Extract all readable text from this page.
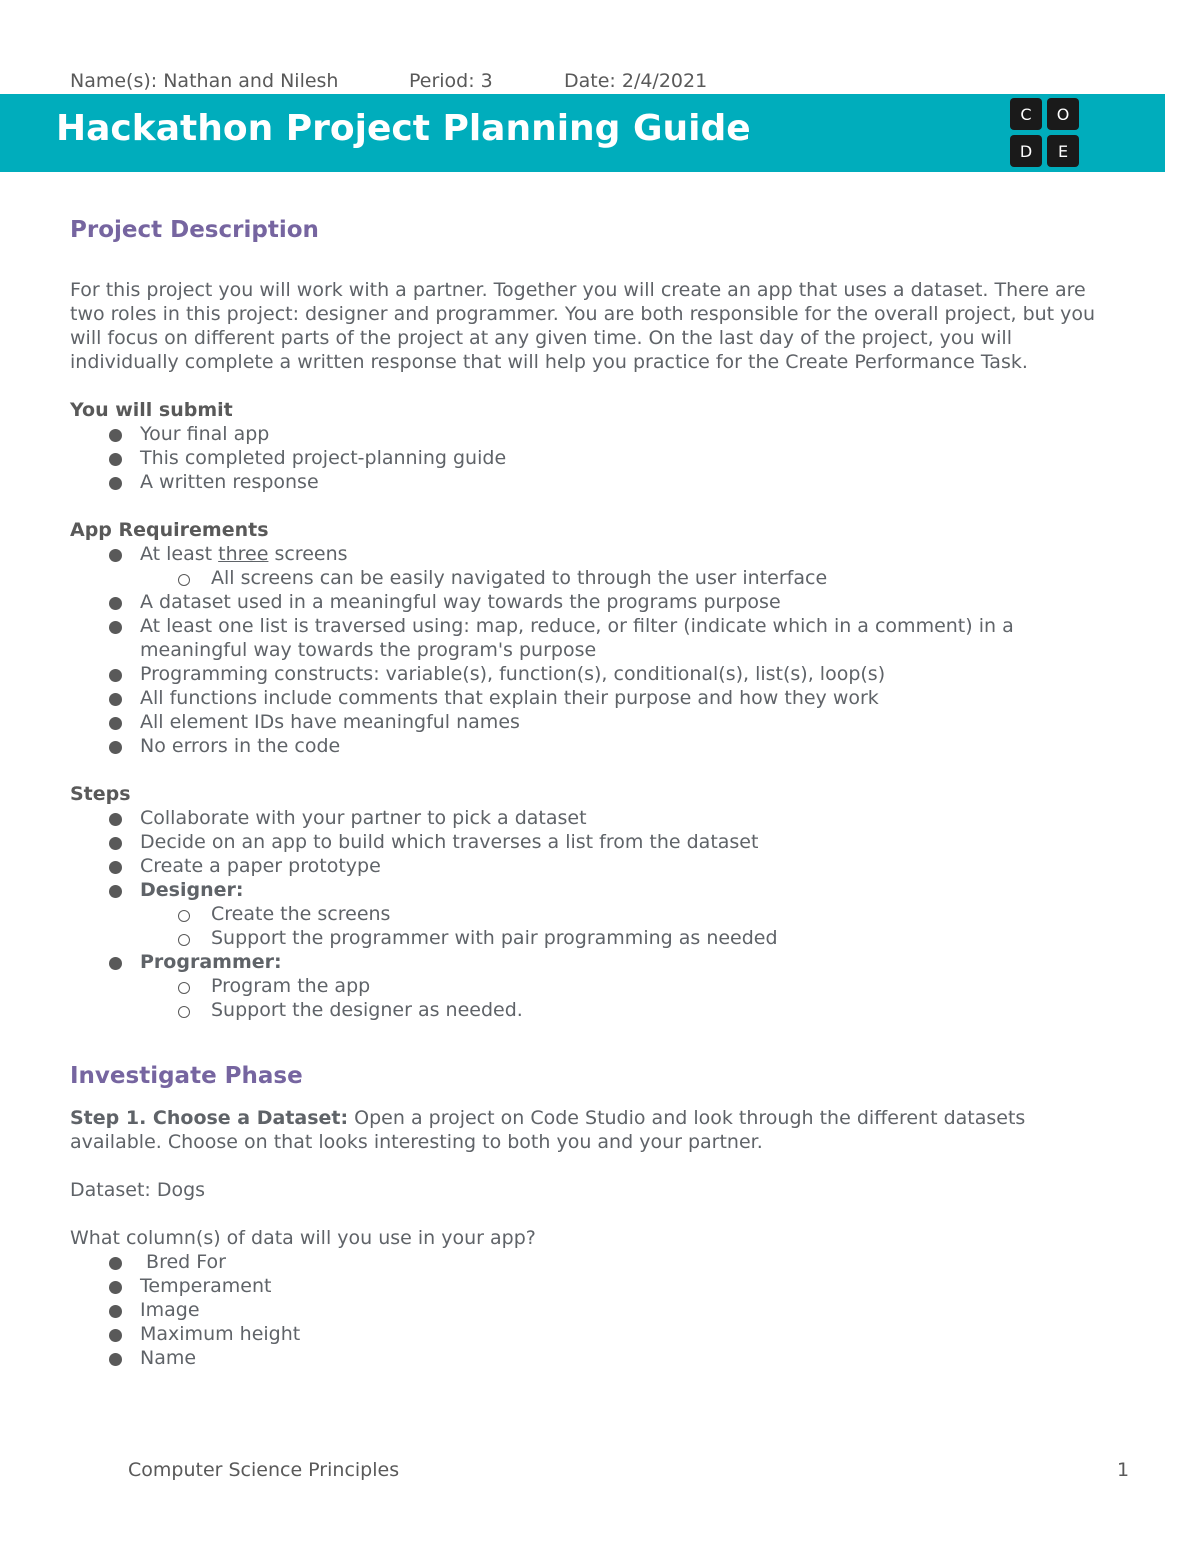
Name(s): Nathan and Nilesh	Period: 3	Date: 2/4/2021
Hackathon Project Planning Guide	C	O
D	E
Project Description

For this project you will work with a partner. Together you will create an app that uses a dataset. There are

two roles in this project: designer and programmer. You are both responsible for the overall project, but you

will focus on different parts of the project at any given time. On the last day of the project, you will

individually complete a written response that will help you practice for the Create Performance Task.

You will submit

Your final app
This completed project-planning guide
A written response

App Requirements

At least three screens
All screens can be easily navigated to through the user interface
A dataset used in a meaningful way towards the programs purpose
At least one list is traversed using: map, reduce, or filter (indicate which in a comment) in a
meaningful way towards the program's purpose
Programming constructs: variable(s), function(s), conditional(s), list(s), loop(s)
All functions include comments that explain their purpose and how they work
All element IDs have meaningful names
No errors in the code

Steps

Collaborate with your partner to pick a dataset
Decide on an app to build which traverses a list from the dataset
Create a paper prototype
Designer:
Create the screens
Support the programmer with pair programming as needed
Programmer:
Program the app
Support the designer as needed.
Investigate Phase

Step 1. Choose a Dataset: Open a project on Code Studio and look through the different datasets

available. Choose on that looks interesting to both you and your partner.

Dataset: Dogs

What column(s) of data will you use in your app?

Bred For
Temperament
Image
Maximum height
Name
Computer Science Principles	1
